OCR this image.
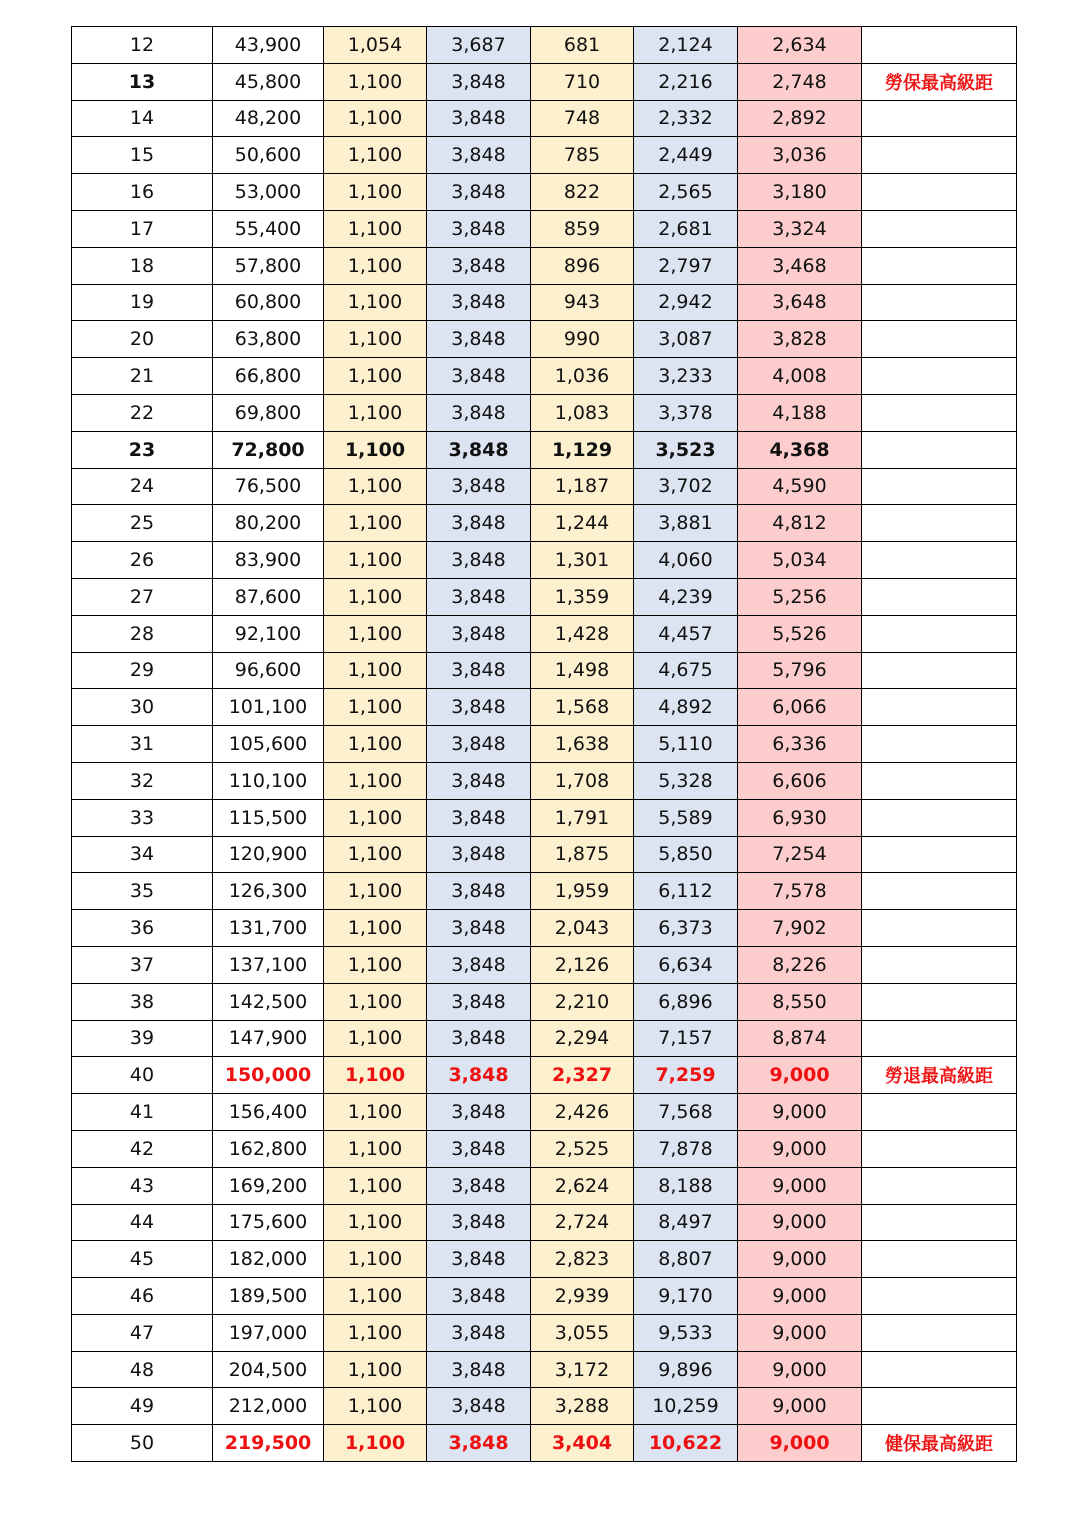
12	43,900	1,054	3,687	681	2,124	2,634	
13	45,800	1,100	3,848	710	2,216	2,748	勞保最高級距
14	48,200	1,100	3,848	748	2,332	2,892	
15	50,600	1,100	3,848	785	2,449	3,036	
16	53,000	1,100	3,848	822	2,565	3,180	
17	55,400	1,100	3,848	859	2,681	3,324	
18	57,800	1,100	3,848	896	2,797	3,468	
19	60,800	1,100	3,848	943	2,942	3,648	
20	63,800	1,100	3,848	990	3,087	3,828	
21	66,800	1,100	3,848	1,036	3,233	4,008	
22	69,800	1,100	3,848	1,083	3,378	4,188	
23	72,800	1,100	3,848	1,129	3,523	4,368	
24	76,500	1,100	3,848	1,187	3,702	4,590	
25	80,200	1,100	3,848	1,244	3,881	4,812	
26	83,900	1,100	3,848	1,301	4,060	5,034	
27	87,600	1,100	3,848	1,359	4,239	5,256	
28	92,100	1,100	3,848	1,428	4,457	5,526	
29	96,600	1,100	3,848	1,498	4,675	5,796	
30	101,100	1,100	3,848	1,568	4,892	6,066	
31	105,600	1,100	3,848	1,638	5,110	6,336	
32	110,100	1,100	3,848	1,708	5,328	6,606	
33	115,500	1,100	3,848	1,791	5,589	6,930	
34	120,900	1,100	3,848	1,875	5,850	7,254	
35	126,300	1,100	3,848	1,959	6,112	7,578	
36	131,700	1,100	3,848	2,043	6,373	7,902	
37	137,100	1,100	3,848	2,126	6,634	8,226	
38	142,500	1,100	3,848	2,210	6,896	8,550	
39	147,900	1,100	3,848	2,294	7,157	8,874	
40	150,000	1,100	3,848	2,327	7,259	9,000	勞退最高級距
41	156,400	1,100	3,848	2,426	7,568	9,000	
42	162,800	1,100	3,848	2,525	7,878	9,000	
43	169,200	1,100	3,848	2,624	8,188	9,000	
44	175,600	1,100	3,848	2,724	8,497	9,000	
45	182,000	1,100	3,848	2,823	8,807	9,000	
46	189,500	1,100	3,848	2,939	9,170	9,000	
47	197,000	1,100	3,848	3,055	9,533	9,000	
48	204,500	1,100	3,848	3,172	9,896	9,000	
49	212,000	1,100	3,848	3,288	10,259	9,000	
50	219,500	1,100	3,848	3,404	10,622	9,000	健保最高級距
